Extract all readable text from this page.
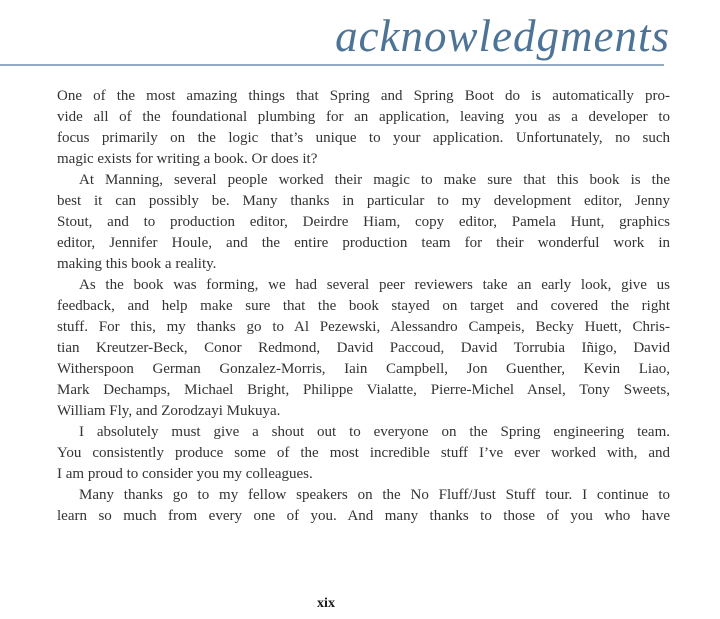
acknowledgments
One of the most amazing things that Spring and Spring Boot do is automatically pro-
vide all of the foundational plumbing for an application, leaving you as a developer to
focus primarily on the logic that’s unique to your application. Unfortunately, no such
magic exists for writing a book. Or does it?
At Manning, several people worked their magic to make sure that this book is the
best it can possibly be. Many thanks in particular to my development editor, Jenny
Stout, and to production editor, Deirdre Hiam, copy editor, Pamela Hunt, graphics
editor, Jennifer Houle, and the entire production team for their wonderful work in
making this book a reality.
As the book was forming, we had several peer reviewers take an early look, give us
feedback, and help make sure that the book stayed on target and covered the right
stuff. For this, my thanks go to Al Pezewski, Alessandro Campeis, Becky Huett, Chris-
tian Kreutzer-Beck, Conor Redmond, David Paccoud, David Torrubia Iñigo, David
Witherspoon German Gonzalez-Morris, Iain Campbell, Jon Guenther, Kevin Liao,
Mark Dechamps, Michael Bright, Philippe Vialatte, Pierre-Michel Ansel, Tony Sweets,
William Fly, and Zorodzayi Mukuya.
I absolutely must give a shout out to everyone on the Spring engineering team.
You consistently produce some of the most incredible stuff I’ve ever worked with, and
I am proud to consider you my colleagues.
Many thanks go to my fellow speakers on the No Fluff/Just Stuff tour. I continue to
learn so much from every one of you. And many thanks to those of you who have
xix
